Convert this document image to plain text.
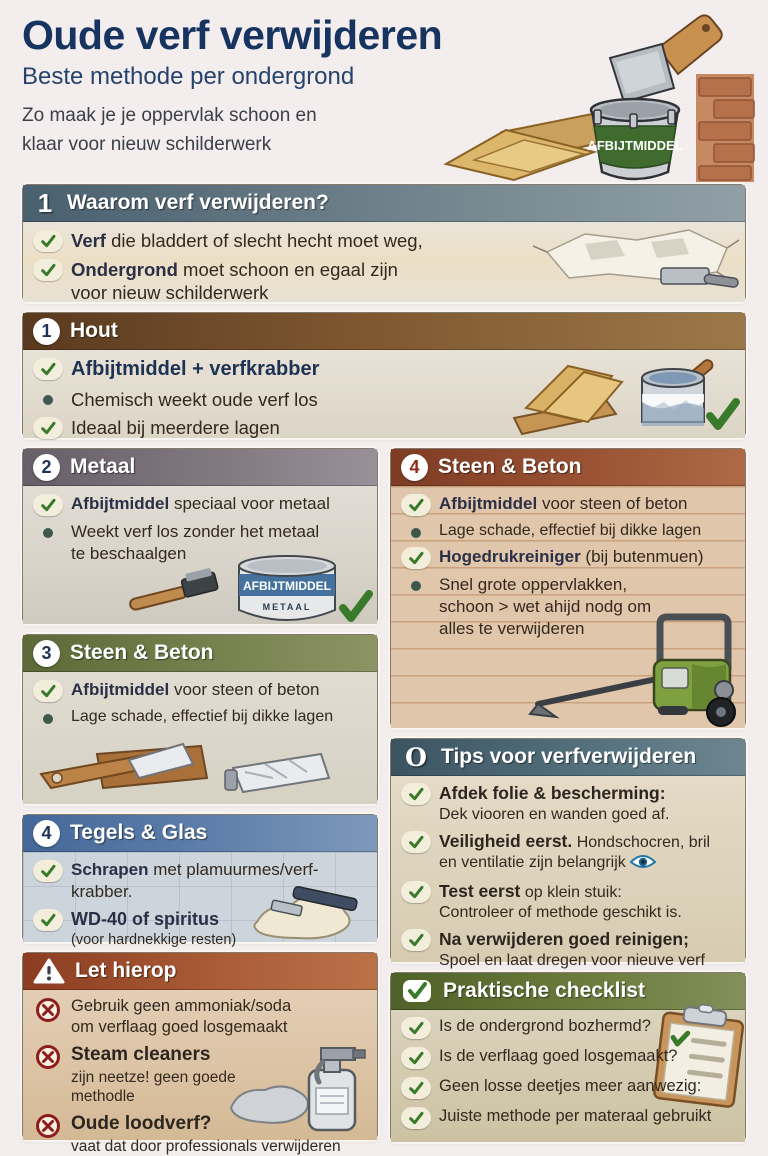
Oude verf verwijderen
Beste methode per ondergrond
Zo maak je je oppervlak schoon en
klaar voor nieuw schilderwerk	AFBIJTMIDDEL
1 Waarom verf verwijderen?
Verf die bladdert of slecht hecht moet weg,
Ondergrond moet schoon en egaal zijn
voor nieuw schilderwerk
1 Hout
Afbijtmiddel + verfkrabber
Chemisch weekt oude verf los
Ideaal bij meerdere lagen
2 Metaal
AFBIJTMIDDEL
METAAL
Afbijtmiddel speciaal voor metaal
Weekt verf los zonder het metaal
te beschaalgen
3 Steen & Beton
Afbijtmiddel voor steen of beton
Lage schade, effectief bij dikke lagen
4 Tegels & Glas
Schrapen met plamuurmes/verf-
krabber.
WD-40 of spiritus
(voor hardnekkige resten)
Let hierop
Gebruik geen ammoniak/soda
om verflaag goed losgemaakt
Steam cleaners
zijn neetze! geen goede
methodle
Oude loodverf?
vaat dat door professionals verwijderen
4 Steen & Beton
Afbijtmiddel voor steen of beton
Lage schade, effectief bij dikke lagen
Hogedrukreiniger (bij butenmuen)
Snel grote oppervlakken,
schoon > wet ahijd nodg om
alles te verwijderen
O Tips voor verfverwijderen
Afdek folie & bescherming:
Dek viooren en wanden goed af.
Veiligheid eerst. Hondschocren, bril
en ventilatie zijn belangrijk
Test eerst op klein stuik:
Controleer of methode geschikt is.
Na verwijderen goed reinigen;
Spoel en laat dregen voor nieuve verf
Praktische checklist
Is de ondergrond bozhermd?
Is de verflaag goed losgemaakt?
Geen losse deetjes meer aanwezig:
Juiste methode per materaal gebruikt
